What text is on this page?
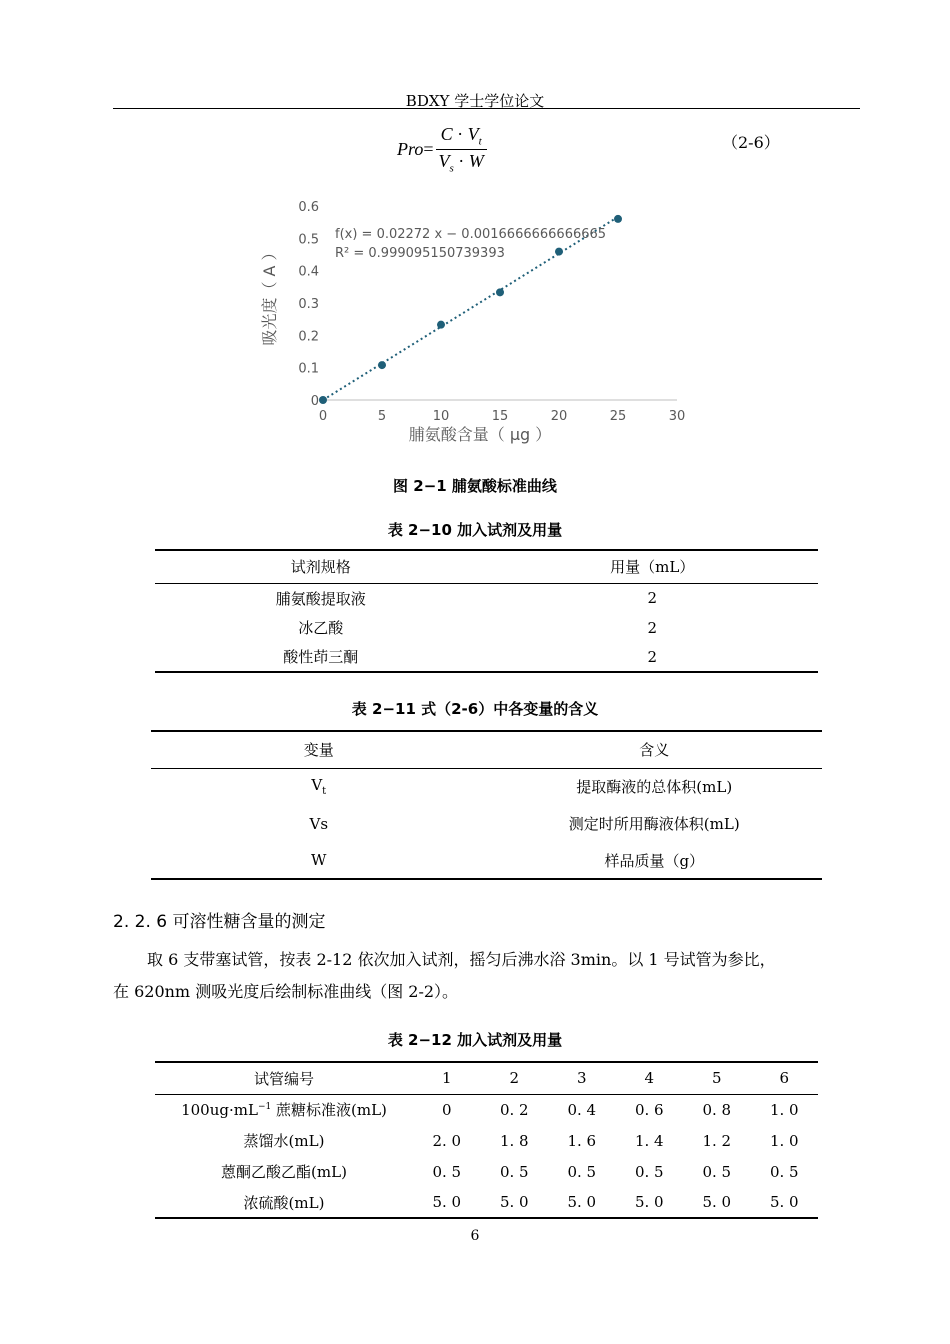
BDXY 学士学位论文
Pro=	$C \cdot V_t$
$V_s \cdot W$
（2-6）
0	5	10	15	20	25	30
0
0.1
0.2
0.3
0.4
0.5
0.6
f(x) = 0.02272 x − 0.0016666666666665
R² = 0.999095150739393
脯氨酸含量（ μg ）
吸光度（ A ）
图 2−1 脯氨酸标准曲线
表 2−10 加入试剂及用量
试剂规格	用量（mL）
脯氨酸提取液	2
冰乙酸	2
酸性茚三酮	2
表 2−11 式（2-6）中各变量的含义
变量	含义
$V_t$	提取酶液的总体积(mL)
Vs	测定时所用酶液体积(mL)
W	样品质量（g）
2. 2. 6 可溶性糖含量的测定
取 6 支带塞试管，按表 2-12 依次加入试剂，摇匀后沸水浴 3min。以 1 号试管为参比，
在 620nm 测吸光度后绘制标准曲线（图 2-2）。
表 2−12 加入试剂及用量
试管编号	1	2	3	4	5	6
$100ug\cdot mL^{-1}$ 蔗糖标准液(mL)	0	0. 2	0. 4	0. 6	0. 8	1. 0
蒸馏水(mL)	2. 0	1. 8	1. 6	1. 4	1. 2	1. 0
蒽酮乙酸乙酯(mL)	0. 5	0. 5	0. 5	0. 5	0. 5	0. 5
浓硫酸(mL)	5. 0	5. 0	5. 0	5. 0	5. 0	5. 0
6
